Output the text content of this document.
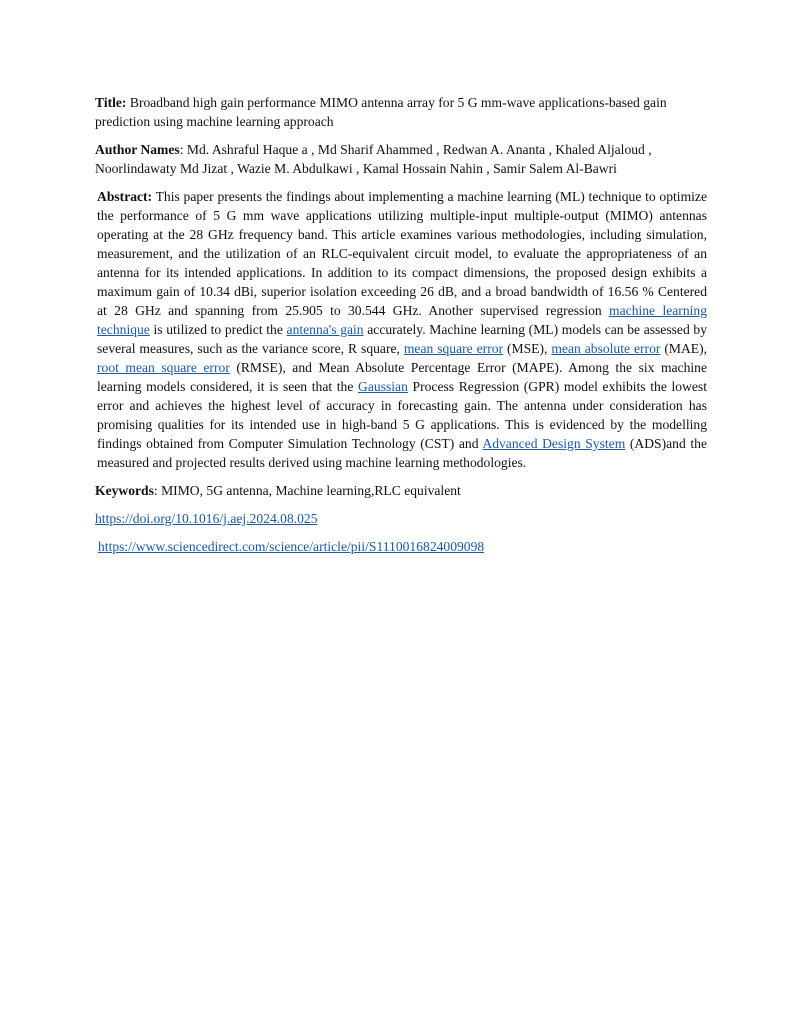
Title: Broadband high gain performance MIMO antenna array for 5 G mm-wave applications-based gain prediction using machine learning approach

Author Names: Md. Ashraful Haque a , Md Sharif Ahammed , Redwan A. Ananta , Khaled Aljaloud , Noorlindawaty Md Jizat , Wazie M. Abdulkawi , Kamal Hossain Nahin , Samir Salem Al-Bawri

Abstract: This paper presents the findings about implementing a machine learning (ML) technique to optimize the performance of 5 G mm wave applications utilizing multiple-input multiple-output (MIMO) antennas operating at the 28 GHz frequency band. This article examines various methodologies, including simulation, measurement, and the utilization of an RLC-equivalent circuit model, to evaluate the appropriateness of an antenna for its intended applications. In addition to its compact dimensions, the proposed design exhibits a maximum gain of 10.34 dBi, superior isolation exceeding 26 dB, and a broad bandwidth of 16.56 % Centered at 28 GHz and spanning from 25.905 to 30.544 GHz. Another supervised regression machine learning technique is utilized to predict the antenna's gain accurately. Machine learning (ML) models can be assessed by several measures, such as the variance score, R square, mean square error (MSE), mean absolute error (MAE), root mean square error (RMSE), and Mean Absolute Percentage Error (MAPE). Among the six machine learning models considered, it is seen that the Gaussian Process Regression (GPR) model exhibits the lowest error and achieves the highest level of accuracy in forecasting gain. The antenna under consideration has promising qualities for its intended use in high-band 5 G applications. This is evidenced by the modelling findings obtained from Computer Simulation Technology (CST) and Advanced Design System (ADS)and the measured and projected results derived using machine learning methodologies.

Keywords: MIMO, 5G antenna, Machine learning,RLC equivalent

https://doi.org/10.1016/j.aej.2024.08.025

https://www.sciencedirect.com/science/article/pii/S1110016824009098
